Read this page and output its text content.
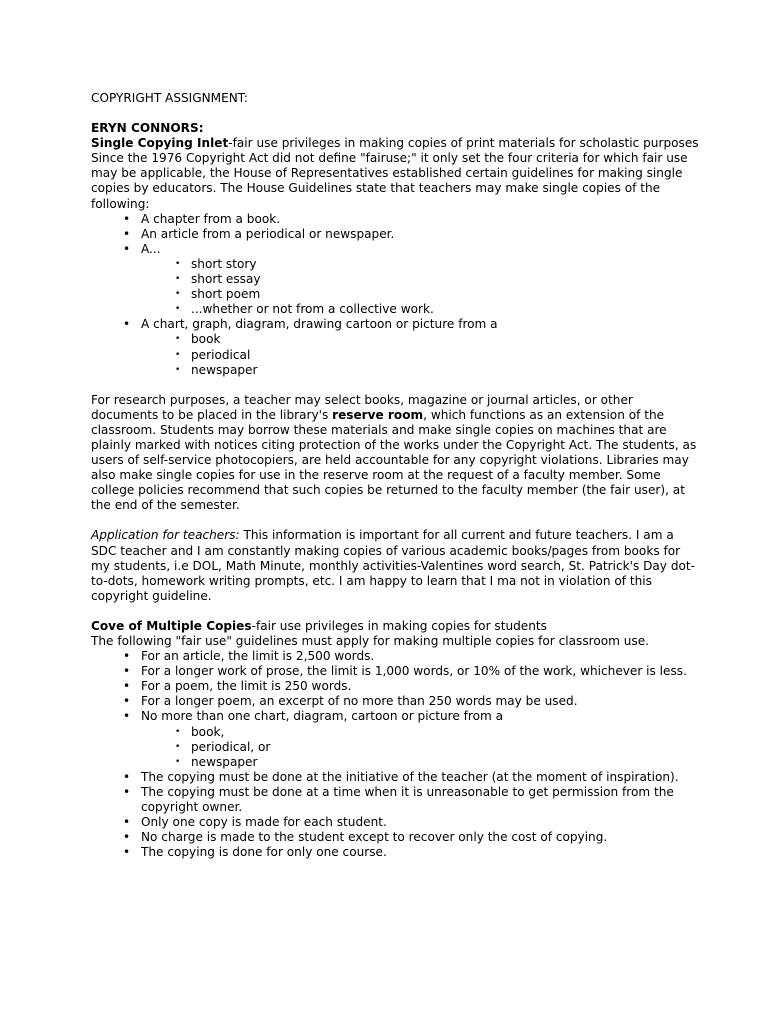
COPYRIGHT ASSIGNMENT:

ERYN CONNORS:

Single Copying Inlet-fair use privileges in making copies of print materials for scholastic purposes

Since the 1976 Copyright Act did not define "fairuse;" it only set the four criteria for which fair use may be applicable, the House of Representatives established certain guidelines for making single copies by educators. The House Guidelines state that teachers may make single copies of the following:

• A chapter from a book.
• An article from a periodical or newspaper.
• A...
• short story
• short essay
• short poem
• ...whether or not from a collective work.
• A chart, graph, diagram, drawing cartoon or picture from a
• book
• periodical
• newspaper

For research purposes, a teacher may select books, magazine or journal articles, or other documents to be placed in the library's reserve room, which functions as an extension of the classroom. Students may borrow these materials and make single copies on machines that are plainly marked with notices citing protection of the works under the Copyright Act. The students, as users of self-service photocopiers, are held accountable for any copyright violations. Libraries may also make single copies for use in the reserve room at the request of a faculty member. Some college policies recommend that such copies be returned to the faculty member (the fair user), at the end of the semester.

Application for teachers: This information is important for all current and future teachers. I am a SDC teacher and I am constantly making copies of various academic books/pages from books for my students, i.e DOL, Math Minute, monthly activities-Valentines word search, St. Patrick's Day dot-to-dots, homework writing prompts, etc. I am happy to learn that I ma not in violation of this copyright guideline.

Cove of Multiple Copies-fair use privileges in making copies for students

The following "fair use" guidelines must apply for making multiple copies for classroom use.

• For an article, the limit is 2,500 words.
• For a longer work of prose, the limit is 1,000 words, or 10% of the work, whichever is less.
• For a poem, the limit is 250 words.
• For a longer poem, an excerpt of no more than 250 words may be used.
• No more than one chart, diagram, cartoon or picture from a
• book,
• periodical, or
• newspaper
• The copying must be done at the initiative of the teacher (at the moment of inspiration).
• The copying must be done at a time when it is unreasonable to get permission from the copyright owner.
• Only one copy is made for each student.
• No charge is made to the student except to recover only the cost of copying.
• The copying is done for only one course.
